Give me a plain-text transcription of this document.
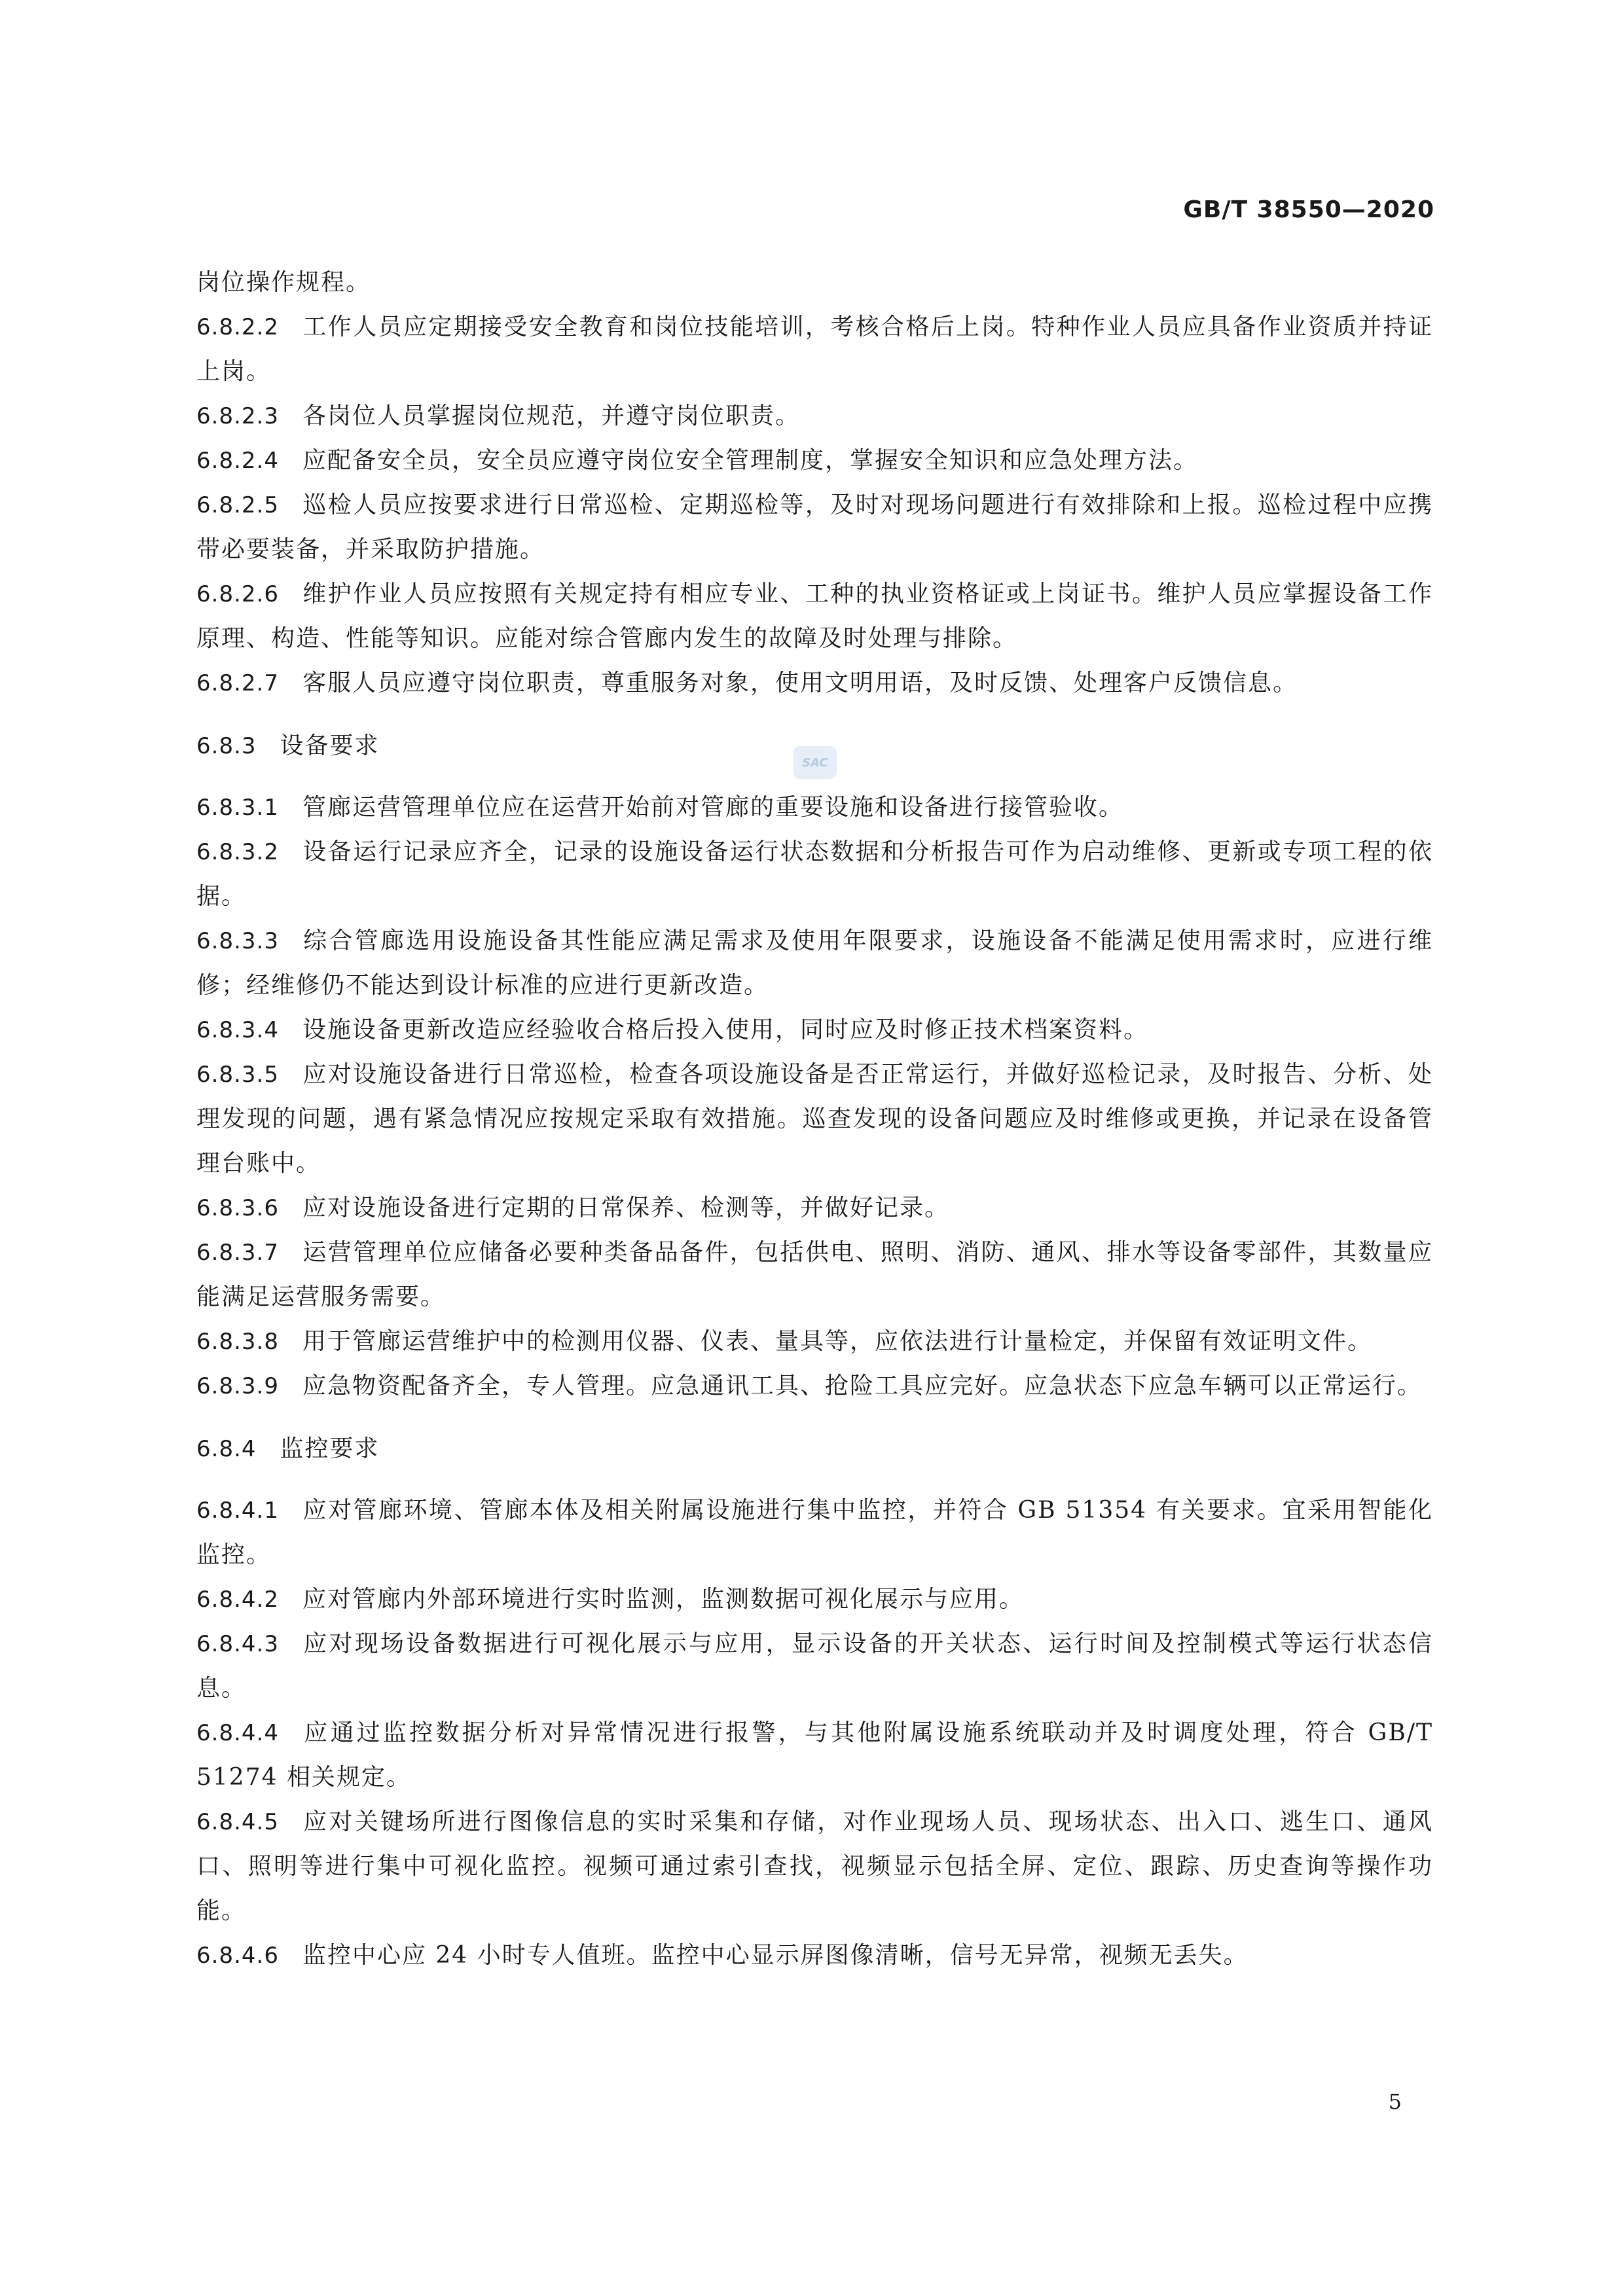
GB/T 38550—2020
SAC
岗位操作规程。
6.8.2.2 工作人员应定期接受安全教育和岗位技能培训，考核合格后上岗。特种作业人员应具备作业资质并持证上岗。
6.8.2.3 各岗位人员掌握岗位规范，并遵守岗位职责。
6.8.2.4 应配备安全员，安全员应遵守岗位安全管理制度，掌握安全知识和应急处理方法。
6.8.2.5 巡检人员应按要求进行日常巡检、定期巡检等，及时对现场问题进行有效排除和上报。巡检过程中应携带必要装备，并采取防护措施。
6.8.2.6 维护作业人员应按照有关规定持有相应专业、工种的执业资格证或上岗证书。维护人员应掌握设备工作原理、构造、性能等知识。应能对综合管廊内发生的故障及时处理与排除。
6.8.2.7 客服人员应遵守岗位职责，尊重服务对象，使用文明用语，及时反馈、处理客户反馈信息。
6.8.3 设备要求
6.8.3.1 管廊运营管理单位应在运营开始前对管廊的重要设施和设备进行接管验收。
6.8.3.2 设备运行记录应齐全，记录的设施设备运行状态数据和分析报告可作为启动维修、更新或专项工程的依据。
6.8.3.3 综合管廊选用设施设备其性能应满足需求及使用年限要求，设施设备不能满足使用需求时，应进行维修；经维修仍不能达到设计标准的应进行更新改造。
6.8.3.4 设施设备更新改造应经验收合格后投入使用，同时应及时修正技术档案资料。
6.8.3.5 应对设施设备进行日常巡检，检查各项设施设备是否正常运行，并做好巡检记录，及时报告、分析、处理发现的问题，遇有紧急情况应按规定采取有效措施。巡查发现的设备问题应及时维修或更换，并记录在设备管理台账中。
6.8.3.6 应对设施设备进行定期的日常保养、检测等，并做好记录。
6.8.3.7 运营管理单位应储备必要种类备品备件，包括供电、照明、消防、通风、排水等设备零部件，其数量应能满足运营服务需要。
6.8.3.8 用于管廊运营维护中的检测用仪器、仪表、量具等，应依法进行计量检定，并保留有效证明文件。
6.8.3.9 应急物资配备齐全，专人管理。应急通讯工具、抢险工具应完好。应急状态下应急车辆可以正常运行。
6.8.4 监控要求
6.8.4.1 应对管廊环境、管廊本体及相关附属设施进行集中监控，并符合 GB 51354 有关要求。宜采用智能化监控。
6.8.4.2 应对管廊内外部环境进行实时监测，监测数据可视化展示与应用。
6.8.4.3 应对现场设备数据进行可视化展示与应用，显示设备的开关状态、运行时间及控制模式等运行状态信息。
6.8.4.4 应通过监控数据分析对异常情况进行报警，与其他附属设施系统联动并及时调度处理，符合 GB/T 51274 相关规定。
6.8.4.5 应对关键场所进行图像信息的实时采集和存储，对作业现场人员、现场状态、出入口、逃生口、通风口、照明等进行集中可视化监控。视频可通过索引查找，视频显示包括全屏、定位、跟踪、历史查询等操作功能。
6.8.4.6 监控中心应 24 小时专人值班。监控中心显示屏图像清晰，信号无异常，视频无丢失。
5
